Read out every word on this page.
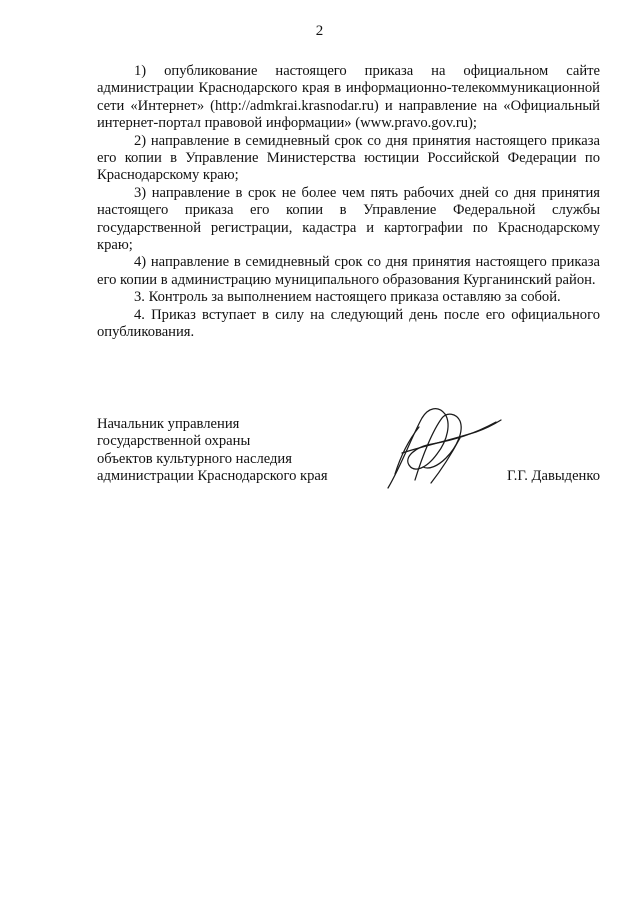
2

1) опубликование настоящего приказа на официальном сайте администрации Краснодарского края в информационно-телекоммуникационной сети «Интернет» (http://admkrai.krasnodar.ru) и направление на «Официальный интернет-портал правовой информации» (www.pravo.gov.ru);

2) направление в семидневный срок со дня принятия настоящего приказа его копии в Управление Министерства юстиции Российской Федерации по Краснодарскому краю;

3) направление в срок не более чем пять рабочих дней со дня принятия настоящего приказа его копии в Управление Федеральной службы государственной регистрации, кадастра и картографии по Краснодарскому краю;

4) направление в семидневный срок со дня принятия настоящего приказа его копии в администрацию муниципального образования Курганинский район.

3. Контроль за выполнением настоящего приказа оставляю за собой.

4. Приказ вступает в силу на следующий день после его официального опубликования.

Начальник управления
государственной охраны
объектов культурного наследия
администрации Краснодарского края	Г.Г. Давыденко
